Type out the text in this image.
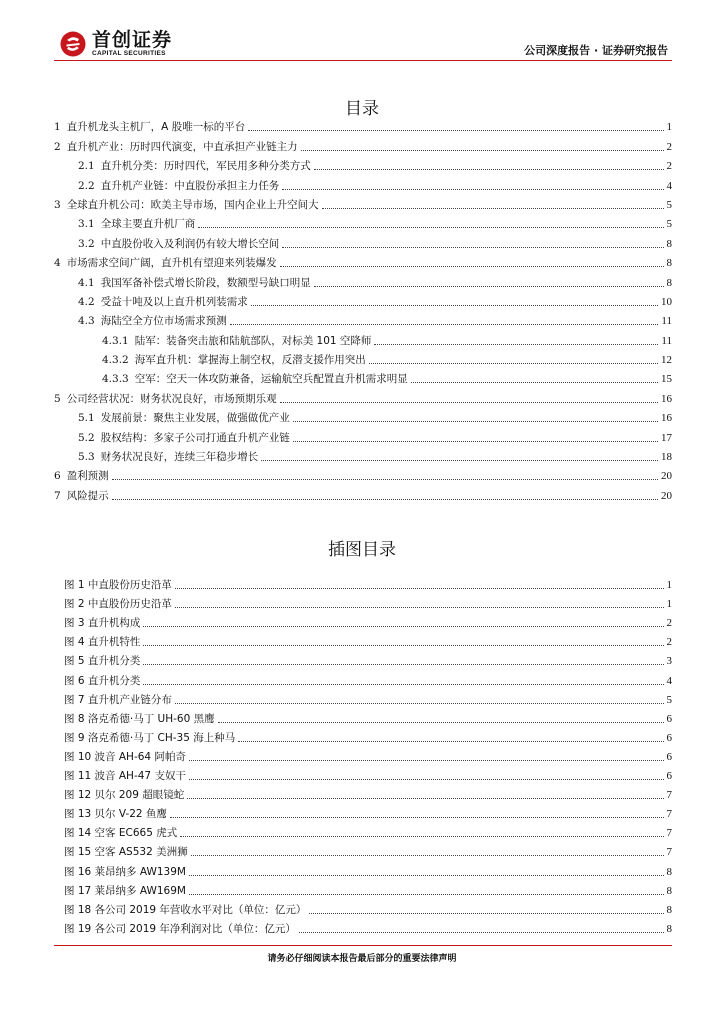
首创证券
CAPITAL SECURITIES	公司深度报告 · 证券研究报告
目录
1 直升机龙头主机厂，A 股唯一标的平台	1
2 直升机产业：历时四代演变，中直承担产业链主力	2
2.1 直升机分类：历时四代，军民用多种分类方式	2
2.2 直升机产业链：中直股份承担主力任务	4
3 全球直升机公司：欧美主导市场，国内企业上升空间大	5
3.1 全球主要直升机厂商	5
3.2 中直股份收入及利润仍有较大增长空间	8
4 市场需求空间广阔，直升机有望迎来列装爆发	8
4.1 我国军备补偿式增长阶段，数额型号缺口明显	8
4.2 受益十吨及以上直升机列装需求	10
4.3 海陆空全方位市场需求预测	11
4.3.1 陆军：装备突击旅和陆航部队，对标美 101 空降师	11
4.3.2 海军直升机：掌握海上制空权，反潜支援作用突出	12
4.3.3 空军：空天一体攻防兼备，运输航空兵配置直升机需求明显	15
5 公司经营状况：财务状况良好，市场预期乐观	16
5.1 发展前景：聚焦主业发展，做强做优产业	16
5.2 股权结构：多家子公司打通直升机产业链	17
5.3 财务状况良好，连续三年稳步增长	18
6 盈利预测	20
7 风险提示	20
插图目录
图 1 中直股份历史沿革	1
图 2 中直股份历史沿革	1
图 3 直升机构成	2
图 4 直升机特性	2
图 5 直升机分类	3
图 6 直升机分类	4
图 7 直升机产业链分布	5
图 8 洛克希德·马丁 UH-60 黑鹰	6
图 9 洛克希德·马丁 CH-35 海上种马	6
图 10 波音 AH-64 阿帕奇	6
图 11 波音 AH-47 支奴干	6
图 12 贝尔 209 超眼镜蛇	7
图 13 贝尔 V-22 鱼鹰	7
图 14 空客 EC665 虎式	7
图 15 空客 AS532 美洲狮	7
图 16 莱昂纳多 AW139M	8
图 17 莱昂纳多 AW169M	8
图 18 各公司 2019 年营收水平对比（单位：亿元）	8
图 19 各公司 2019 年净利润对比（单位：亿元）	8
请务必仔细阅读本报告最后部分的重要法律声明
